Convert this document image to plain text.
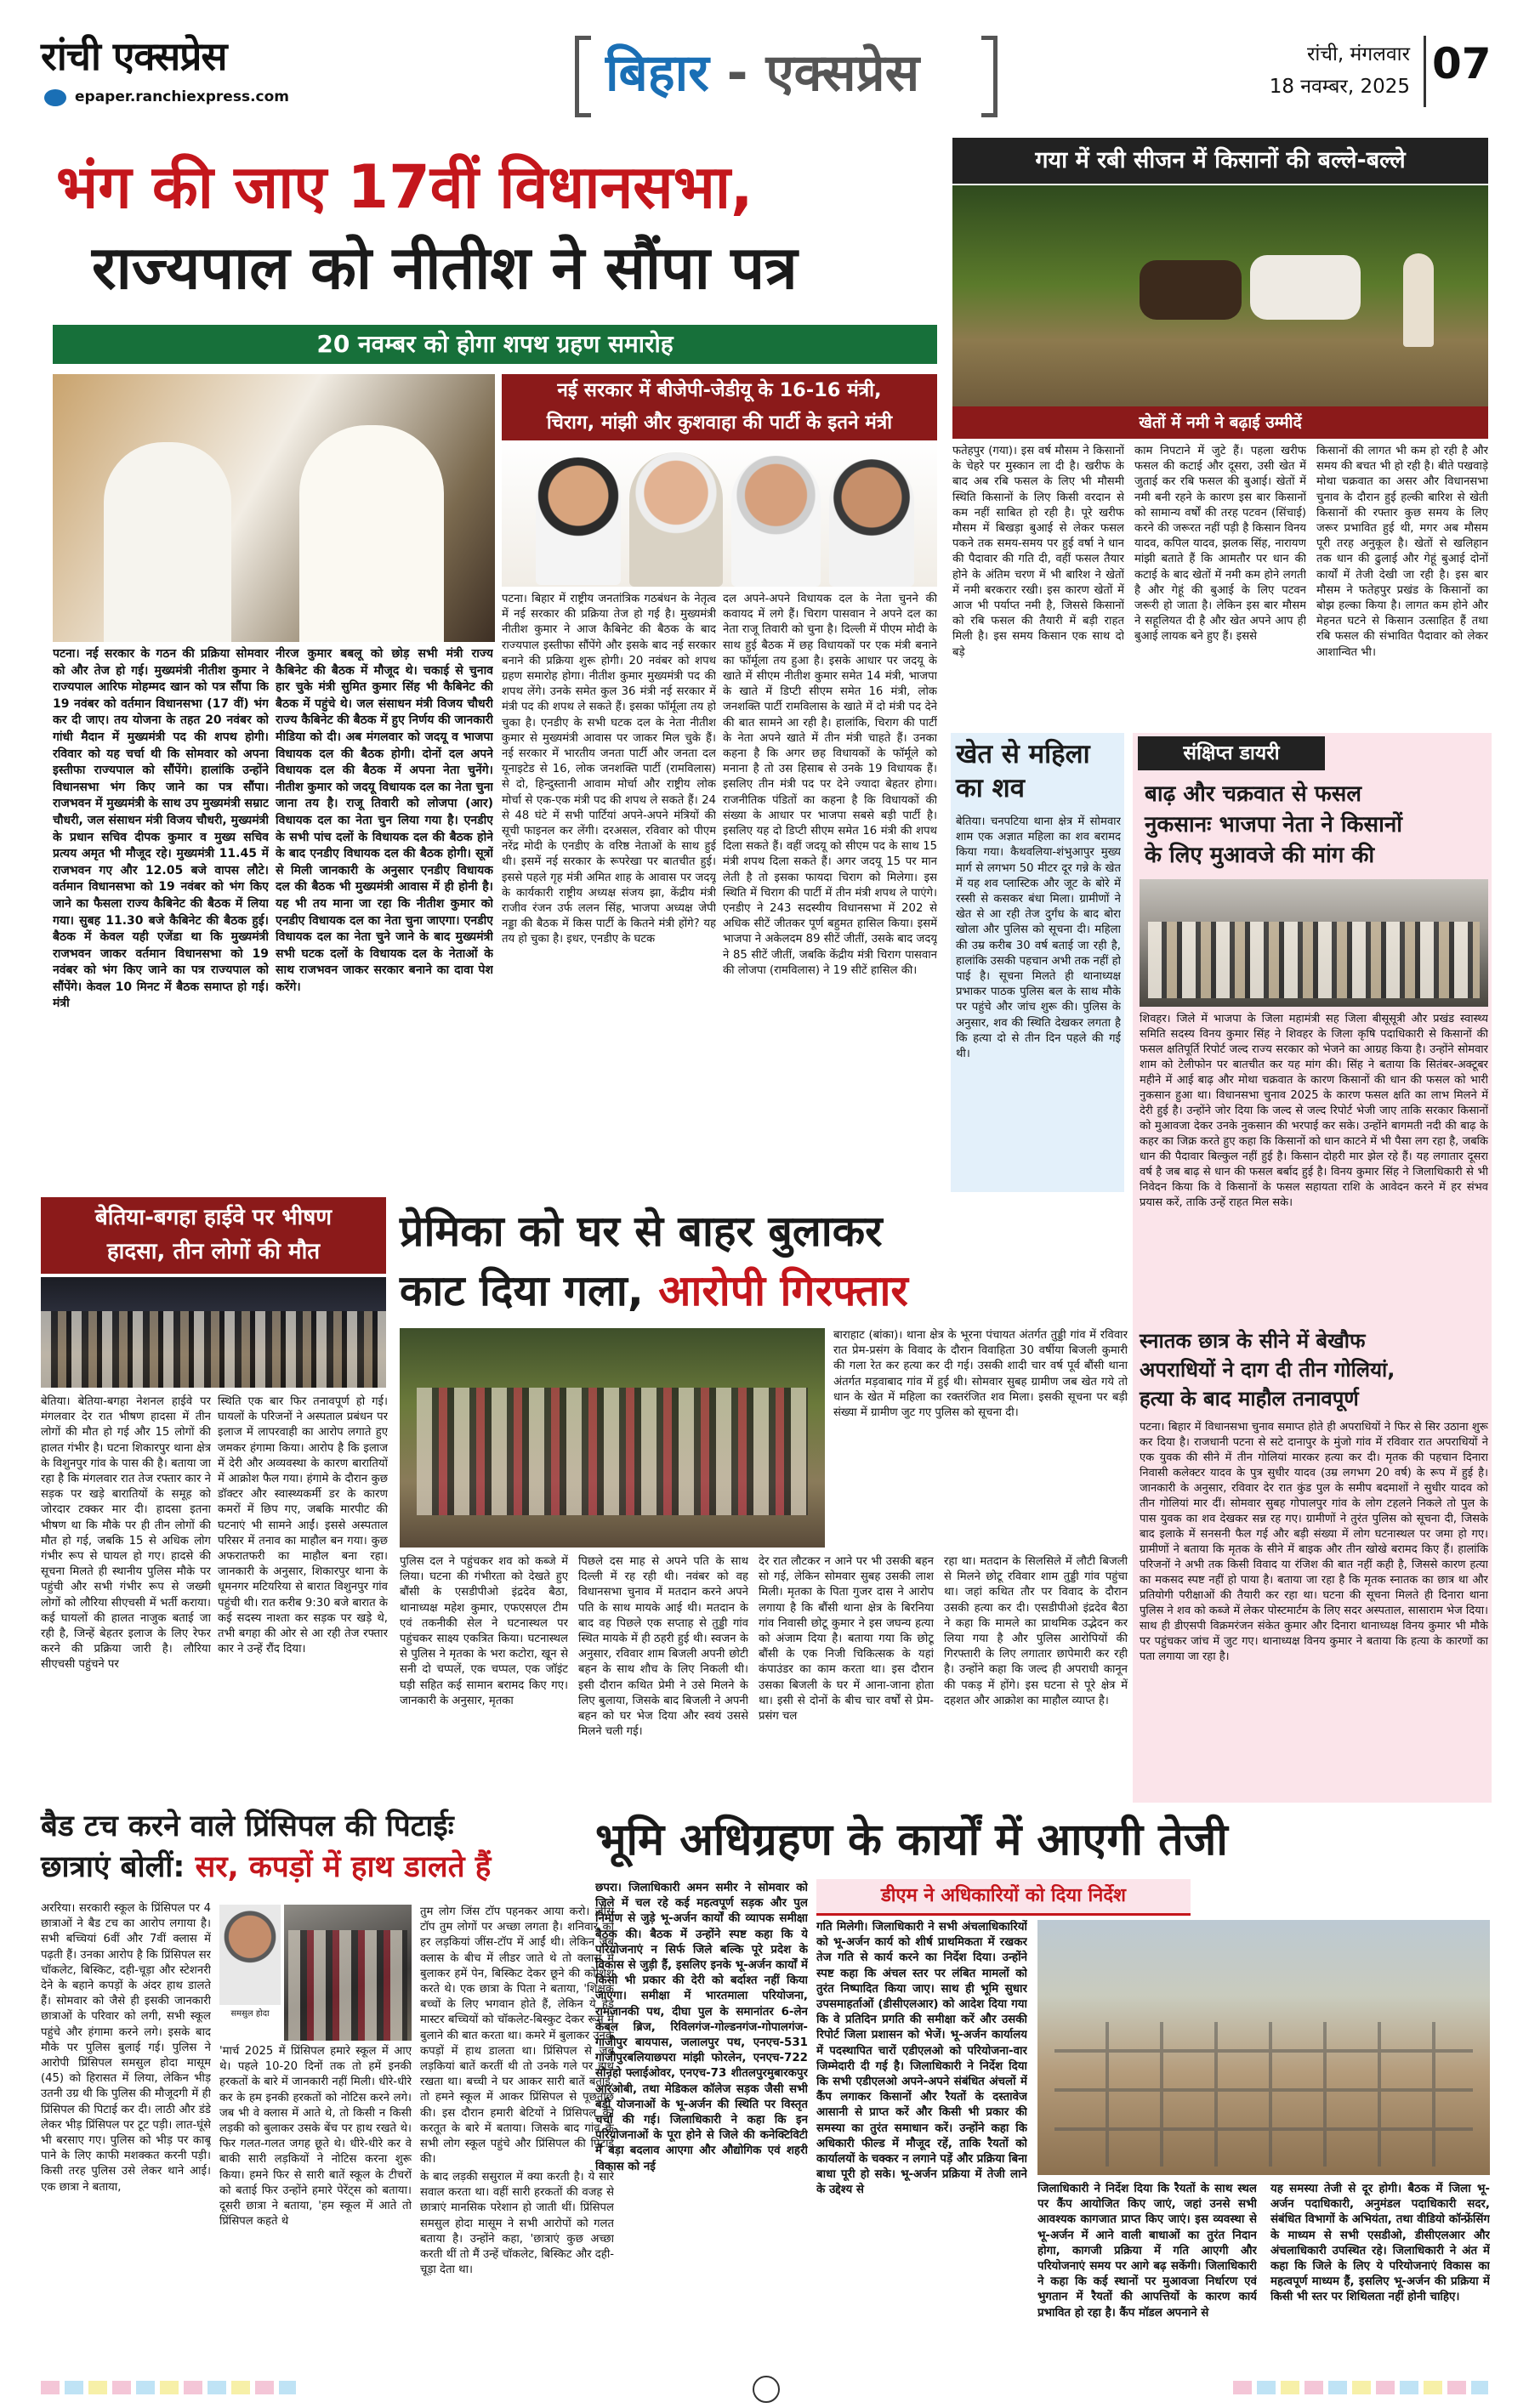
रांची एक्सप्रेस
epaper.ranchiexpress.com	बिहार - एक्सप्रेस	रांची, मंगलवार
18 नवम्बर, 2025 07
भंग की जाए 17वीं विधानसभा,
राज्यपाल को नीतीश ने सौंपा पत्र
20 नवम्बर को होगा शपथ ग्रहण समारोह
नई सरकार में बीजेपी-जेडीयू के 16-16 मंत्री,
चिराग, मांझी और कुशवाहा की पार्टी के इतने मंत्री
पटना। नई सरकार के गठन की प्रक्रिया सोमवार को और तेज हो गई। मुख्यमंत्री नीतीश कुमार ने राज्यपाल आरिफ मोहम्मद खान को पत्र सौंपा कि 19 नवंबर को वर्तमान विधानसभा (17 वीं) भंग कर दी जाए। तय योजना के तहत 20 नवंबर को गांधी मैदान में मुख्यमंत्री पद की शपथ होगी। रविवार को यह चर्चा थी कि सोमवार को अपना इस्तीफा राज्यपाल को सौंपेंगे। हालांकि उन्होंने विधानसभा भंग किए जाने का पत्र सौंपा। राजभवन में मुख्यमंत्री के साथ उप मुख्यमंत्री सम्राट चौधरी, जल संसाधन मंत्री विजय चौधरी, मुख्यमंत्री के प्रधान सचिव दीपक कुमार व मुख्य सचिव प्रत्यय अमृत भी मौजूद रहे। मुख्यमंत्री 11.45 में राजभवन गए और 12.05 बजे वापस लौटे। वर्तमान विधानसभा को 19 नवंबर को भंग किए जाने का फैसला राज्य कैबिनेट की बैठक में लिया गया। सुबह 11.30 बजे कैबिनेट की बैठक हुई। बैठक में केवल यही एजेंडा था कि मुख्यमंत्री राजभवन जाकर वर्तमान विधानसभा को 19 नवंबर को भंग किए जाने का पत्र राज्यपाल को सौंपेंगे। केवल 10 मिनट में बैठक समाप्त हो गई। मंत्री
नीरज कुमार बबलू को छोड़ सभी मंत्री राज्य कैबिनेट की बैठक में मौजूद थे। चकाई से चुनाव हार चुके मंत्री सुमित कुमार सिंह भी कैबिनेट की बैठक में पहुंचे थे। जल संसाधन मंत्री विजय चौधरी राज्य कैबिनेट की बैठक में हुए निर्णय की जानकारी मीडिया को दी। अब मंगलवार को जदयू व भाजपा विधायक दल की बैठक होगी। दोनों दल अपने विधायक दल की बैठक में अपना नेता चुनेंगे। नीतीश कुमार को जदयू विधायक दल का नेता चुना जाना तय है। राजू तिवारी को लोजपा (आर) विधायक दल का नेता चुन लिया गया है। एनडीए के सभी पांच दलों के विधायक दल की बैठक होने के बाद एनडीए विधायक दल की बैठक होगी। सूत्रों से मिली जानकारी के अनुसार एनडीए विधायक दल की बैठक भी मुख्यमंत्री आवास में ही होनी है। यह भी तय माना जा रहा कि नीतीश कुमार को एनडीए विधायक दल का नेता चुना जाएगा। एनडीए विधायक दल का नेता चुने जाने के बाद मुख्यमंत्री सभी घटक दलों के विधायक दल के नेताओं के साथ राजभवन जाकर सरकार बनाने का दावा पेश करेंगे।
पटना। बिहार में राष्ट्रीय जनतांत्रिक गठबंधन के नेतृत्व में नई सरकार की प्रक्रिया तेज हो गई है। मुख्यमंत्री नीतीश कुमार ने आज कैबिनेट की बैठक के बाद राज्यपाल इस्तीफा सौंपेंगे और इसके बाद नई सरकार बनाने की प्रक्रिया शुरू होगी। 20 नवंबर को शपथ ग्रहण समारोह होगा। नीतीश कुमार मुख्यमंत्री पद की शपथ लेंगे। उनके समेत कुल 36 मंत्री नई सरकार में मंत्री पद की शपथ ले सकते हैं। इसका फॉर्मूला तय हो चुका है। एनडीए के सभी घटक दल के नेता नीतीश कुमार से मुख्यमंत्री आवास पर जाकर मिल चुके हैं। नई सरकार में भारतीय जनता पार्टी और जनता दल यूनाइटेड से 16, लोक जनशक्ति पार्टी (रामविलास) से दो, हिन्दुस्तानी आवाम मोर्चा और राष्ट्रीय लोक मोर्चा से एक-एक मंत्री पद की शपथ ले सकते हैं। 24 से 48 घंटे में सभी पार्टियां अपने-अपने मंत्रियों की सूची फाइनल कर लेंगी। दरअसल, रविवार को पीएम नरेंद्र मोदी के एनडीए के वरिष्ठ नेताओं के साथ हुई थी। इसमें नई सरकार के रूपरेखा पर बातचीत हुई। इससे पहले गृह मंत्री अमित शाह के आवास पर जदयू के कार्यकारी राष्ट्रीय अध्यक्ष संजय झा, केंद्रीय मंत्री राजीव रंजन उर्फ ललन सिंह, भाजपा अध्यक्ष जेपी नड्डा की बैठक में किस पार्टी के कितने मंत्री होंगे? यह तय हो चुका है। इधर, एनडीए के घटक
दल अपने-अपने विधायक दल के नेता चुनने की कवायद में लगे हैं। चिराग पासवान ने अपने दल का नेता राजू तिवारी को चुना है। दिल्ली में पीएम मोदी के साथ हुई बैठक में छह विधायकों पर एक मंत्री बनाने का फॉर्मूला तय हुआ है। इसके आधार पर जदयू के खाते में सीएम नीतीश कुमार समेत 14 मंत्री, भाजपा के खाते में डिप्टी सीएम समेत 16 मंत्री, लोक जनशक्ति पार्टी रामविलास के खाते में दो मंत्री पद देने की बात सामने आ रही है। हालांकि, चिराग की पार्टी के नेता अपने खाते में तीन मंत्री चाहते हैं। उनका कहना है कि अगर छह विधायकों के फॉर्मूले को मनाना है तो उस हिसाब से उनके 19 विधायक हैं। इसलिए तीन मंत्री पद पर देने ज्यादा बेहतर होगा। राजनीतिक पंडितों का कहना है कि विधायकों की संख्या के आधार पर भाजपा सबसे बड़ी पार्टी है। इसलिए यह दो डिप्टी सीएम समेत 16 मंत्री की शपथ दिला सकते हैं। वहीं जदयू को सीएम पद के साथ 15 मंत्री शपथ दिला सकते हैं। अगर जदयू 15 पर मान लेती है तो इसका फायदा चिराग को मिलेगा। इस स्थिति में चिराग की पार्टी में तीन मंत्री शपथ ले पाएंगे। एनडीए ने 243 सदस्यीय विधानसभा में 202 से अधिक सीटें जीतकर पूर्ण बहुमत हासिल किया। इसमें भाजपा ने अकेलदम 89 सीटें जीतीं, उसके बाद जदयू ने 85 सीटें जीतीं, जबकि केंद्रीय मंत्री चिराग पासवान की लोजपा (रामविलास) ने 19 सीटें हासिल की।
गया में रबी सीजन में किसानों की बल्ले-बल्ले
खेतों में नमी ने बढ़ाई उम्मीदें
फतेहपुर (गया)। इस वर्ष मौसम ने किसानों के चेहरे पर मुस्कान ला दी है। खरीफ के बाद अब रबि फसल के लिए भी मौसमी स्थिति किसानों के लिए किसी वरदान से कम नहीं साबित हो रही है। पूरे खरीफ मौसम में बिखड़ा बुआई से लेकर फसल पकने तक समय-समय पर हुई वर्षा ने धान की पैदावार की गति दी, वहीं फसल तैयार होने के अंतिम चरण में भी बारिश ने खेतों में नमी बरकरार रखी। इस कारण खेतों में आज भी पर्याप्त नमी है, जिससे किसानों को रबि फसल की तैयारी में बड़ी राहत मिली है। इस समय किसान एक साथ दो बड़े
काम निपटाने में जुटे हैं। पहला खरीफ फसल की कटाई और दूसरा, उसी खेत में जुताई कर रबि फसल की बुआई। खेतों में नमी बनी रहने के कारण इस बार किसानों को सामान्य वर्षों की तरह पटवन (सिंचाई) करने की जरूरत नहीं पड़ी है किसान विनय यादव, कपिल यादव, झलक सिंह, नारायण मांझी बताते हैं कि आमतौर पर धान की कटाई के बाद खेतों में नमी कम होने लगती है और गेहूं की बुआई के लिए पटवन जरूरी हो जाता है। लेकिन इस बार मौसम ने सहूलियत दी है और खेत अपने आप ही बुआई लायक बने हुए हैं। इससे
किसानों की लागत भी कम हो रही है और समय की बचत भी हो रही है। बीते पखवाड़े मोथा चक्रवात का असर और विधानसभा चुनाव के दौरान हुई हल्की बारिश से खेती किसानों की रफ्तार कुछ समय के लिए जरूर प्रभावित हुई थी, मगर अब मौसम पूरी तरह अनुकूल है। खेतों से खलिहान तक धान की ढुलाई और गेहूं बुआई दोनों कार्यों में तेजी देखी जा रही है। इस बार मौसम ने फतेहपुर प्रखंड के किसानों का बोझ हल्का किया है। लागत कम होने और मेहनत घटने से किसान उत्साहित हैं तथा रबि फसल की संभावित पैदावार को लेकर आशान्वित भी।
खेत से महिला
का शव
बेतिया। चनपटिया थाना क्षेत्र में सोमवार शाम एक अज्ञात महिला का शव बरामद किया गया। कैथवलिया-शंभुआपुर मुख्य मार्ग से लगभग 50 मीटर दूर गन्ने के खेत में यह शव प्लास्टिक और जूट के बोरे में रस्सी से कसकर बंधा मिला। ग्रामीणों ने खेत से आ रही तेज दुर्गंध के बाद बोरा खोला और पुलिस को सूचना दी। महिला की उम्र करीब 30 वर्ष बताई जा रही है, हालांकि उसकी पहचान अभी तक नहीं हो पाई है। सूचना मिलते ही थानाध्यक्ष प्रभाकर पाठक पुलिस बल के साथ मौके पर पहुंचे और जांच शुरू की। पुलिस के अनुसार, शव की स्थिति देखकर लगता है कि हत्या दो से तीन दिन पहले की गई थी।
संक्षिप्त डायरी
बाढ़ और चक्रवात से फसल
नुकसानः भाजपा नेता ने किसानों
के लिए मुआवजे की मांग की
शिवहर। जिले में भाजपा के जिला महामंत्री सह जिला बीसूसूत्री और प्रखंड स्वास्थ्य समिति सदस्य विनय कुमार सिंह ने शिवहर के जिला कृषि पदाधिकारी से किसानों की फसल क्षतिपूर्ति रिपोर्ट जल्द राज्य सरकार को भेजने का आग्रह किया है। उन्होंने सोमवार शाम को टेलीफोन पर बातचीत कर यह मांग की। सिंह ने बताया कि सितंबर-अक्टूबर महीने में आई बाढ़ और मोथा चक्रवात के कारण किसानों की धान की फसल को भारी नुकसान हुआ था। विधानसभा चुनाव 2025 के कारण फसल क्षति का लाभ मिलने में देरी हुई है। उन्होंने जोर दिया कि जल्द से जल्द रिपोर्ट भेजी जाए ताकि सरकार किसानों को मुआवजा देकर उनके नुकसान की भरपाई कर सके। उन्होंने बागमती नदी की बाढ़ के कहर का जिक्र करते हुए कहा कि किसानों को धान काटने में भी पैसा लग रहा है, जबकि धान की पैदावार बिल्कुल नहीं हुई है। किसान दोहरी मार झेल रहे हैं। यह लगातार दूसरा वर्ष है जब बाढ़ से धान की फसल बर्बाद हुई है। विनय कुमार सिंह ने जिलाधिकारी से भी निवेदन किया कि वे किसानों के फसल सहायता राशि के आवेदन करने में हर संभव प्रयास करें, ताकि उन्हें राहत मिल सके।
स्नातक छात्र के सीने में बेखौफ
अपराधियों ने दाग दी तीन गोलियां,
हत्या के बाद माहौल तनावपूर्ण
पटना। बिहार में विधानसभा चुनाव समाप्त होते ही अपराधियों ने फिर से सिर उठाना शुरू कर दिया है। राजधानी पटना से सटे दानापुर के मुंजो गांव में रविवार रात अपराधियों ने एक युवक की सीने में तीन गोलियां मारकर हत्या कर दी। मृतक की पहचान दिनारा निवासी कलेक्टर यादव के पुत्र सुधीर यादव (उम्र लगभग 20 वर्ष) के रूप में हुई है। जानकारी के अनुसार, रविवार देर रात कुंड पुल के समीप बदमाशों ने सुधीर यादव को तीन गोलियां मार दीं। सोमवार सुबह गोपालपुर गांव के लोग टहलने निकले तो पुल के पास युवक का शव देखकर सन्न रह गए। ग्रामीणों ने तुरंत पुलिस को सूचना दी, जिसके बाद इलाके में सनसनी फैल गई और बड़ी संख्या में लोग घटनास्थल पर जमा हो गए। ग्रामीणों ने बताया कि मृतक के सीने में बाइक और तीन खोखे बरामद किए हैं। हालांकि परिजनों ने अभी तक किसी विवाद या रंजिश की बात नहीं कही है, जिससे कारण हत्या का मकसद स्पष्ट नहीं हो पाया है। बताया जा रहा है कि मृतक स्नातक का छात्र था और प्रतियोगी परीक्षाओं की तैयारी कर रहा था। घटना की सूचना मिलते ही दिनारा थाना पुलिस ने शव को कब्जे में लेकर पोस्टमार्टम के लिए सदर अस्पताल, सासाराम भेज दिया। साथ ही डीएसपी विक्रमरंजन संकेत कुमार और दिनारा थानाध्यक्ष विनय कुमार भी मौके पर पहुंचकर जांच में जुट गए। थानाध्यक्ष विनय कुमार ने बताया कि हत्या के कारणों का पता लगाया जा रहा है।
बेतिया-बगहा हाईवे पर भीषण
हादसा, तीन लोगों की मौत
बेतिया। बेतिया-बगहा नेशनल हाईवे पर मंगलवार देर रात भीषण हादसा में तीन लोगों की मौत हो गई और 15 लोगों की हालत गंभीर है। घटना शिकारपुर थाना क्षेत्र के विशुनपुर गांव के पास की है। बताया जा रहा है कि मंगलवार रात तेज रफ्तार कार ने सड़क पर खड़े बारातियों के समूह को जोरदार टक्कर मार दी। हादसा इतना भीषण था कि मौके पर ही तीन लोगों की मौत हो गई, जबकि 15 से अधिक लोग गंभीर रूप से घायल हो गए। हादसे की सूचना मिलते ही स्थानीय पुलिस मौके पर पहुंची और सभी गंभीर रूप से जख्मी लोगों को लौरिया सीएचसी में भर्ती कराया। कई घायलों की हालत नाजुक बताई जा रही है, जिन्हें बेहतर इलाज के लिए रेफर करने की प्रक्रिया जारी है। लौरिया सीएचसी पहुंचने पर
स्थिति एक बार फिर तनावपूर्ण हो गई। घायलों के परिजनों ने अस्पताल प्रबंधन पर इलाज में लापरवाही का आरोप लगाते हुए जमकर हंगामा किया। आरोप है कि इलाज में देरी और अव्यवस्था के कारण बारातियों में आक्रोश फैल गया। हंगामे के दौरान कुछ डॉक्टर और स्वास्थ्यकर्मी डर के कारण कमरों में छिप गए, जबकि मारपीट की घटनाएं भी सामने आईं। इससे अस्पताल परिसर में तनाव का माहौल बन गया। कुछ अफरातफरी का माहौल बना रहा। जानकारी के अनुसार, शिकारपुर थाना के धूमनगर मटियरिया से बारात विशुनपुर गांव पहुंची थी। रात करीब 9:30 बजे बारात के कई सदस्य नाश्ता कर सड़क पर खड़े थे, तभी बगहा की ओर से आ रही तेज रफ्तार कार ने उन्हें रौंद दिया।
प्रेमिका को घर से बाहर बुलाकर
काट दिया गला, आरोपी गिरफ्तार
बाराहाट (बांका)। थाना क्षेत्र के भूरना पंचायत अंतर्गत तुड्डी गांव में रविवार रात प्रेम-प्रसंग के विवाद के दौरान विवाहिता 30 वर्षीया बिजली कुमारी की गला रेत कर हत्या कर दी गई। उसकी शादी चार वर्ष पूर्व बौंसी थाना अंतर्गत मड़वाबाद गांव में हुई थी। सोमवार सुबह ग्रामीण जब खेत गये तो धान के खेत में महिला का रक्तरंजित शव मिला। इसकी सूचना पर बड़ी संख्या में ग्रामीण जुट गए पुलिस को सूचना दी।
पुलिस दल ने पहुंचकर शव को कब्जे में लिया। घटना की गंभीरता को देखते हुए बौंसी के एसडीपीओ इंद्रदेव बैठा, थानाध्यक्ष महेश कुमार, एफएसएल टीम एवं तकनीकी सेल ने घटनास्थल पर पहुंचकर साक्ष्य एकत्रित किया। घटनास्थल से पुलिस ने मृतका के भरा कटोरा, खून से सनी दो चप्पलें, एक चप्पल, एक जॉइंट घड़ी सहित कई सामान बरामद किए गए। जानकारी के अनुसार, मृतका
पिछले दस माह से अपने पति के साथ दिल्ली में रह रही थी। नवंबर को वह विधानसभा चुनाव में मतदान करने अपने पति के साथ मायके आई थी। मतदान के बाद वह पिछले एक सप्ताह से तुड्डी गांव स्थित मायके में ही ठहरी हुई थी। स्वजन के अनुसार, रविवार शाम बिजली अपनी छोटी बहन के साथ शौच के लिए निकली थी। इसी दौरान कथित प्रेमी ने उसे मिलने के लिए बुलाया, जिसके बाद बिजली ने अपनी बहन को घर भेज दिया और स्वयं उससे मिलने चली गई।
देर रात लौटकर न आने पर भी उसकी बहन सो गई, लेकिन सोमवार सुबह उसकी लाश मिली। मृतका के पिता गुजर दास ने आरोप लगाया है कि बौंसी थाना क्षेत्र के बिरनिया गांव निवासी छोटू कुमार ने इस जघन्य हत्या को अंजाम दिया है। बताया गया कि छोटू बौंसी के एक निजी चिकित्सक के यहां कंपाउंडर का काम करता था। इस दौरान उसका बिजली के घर में आना-जाना होता था। इसी से दोनों के बीच चार वर्षों से प्रेम-प्रसंग चल
रहा था। मतदान के सिलसिले में लौटी बिजली से मिलने छोटू रविवार शाम तुड्डी गांव पहुंचा था। जहां कथित तौर पर विवाद के दौरान उसकी हत्या कर दी। एसडीपीओ इंद्रदेव बैठा ने कहा कि मामले का प्राथमिक उद्भेदन कर लिया गया है और पुलिस आरोपियों की गिरफ्तारी के लिए लगातार छापेमारी कर रही है। उन्होंने कहा कि जल्द ही अपराधी कानून की पकड़ में होंगे। इस घटना से पूरे क्षेत्र में दहशत और आक्रोश का माहौल व्याप्त है।
बैड टच करने वाले प्रिंसिपल की पिटाईः
छात्राएं बोलीं: सर, कपड़ों में हाथ डालते हैं
अररिया। सरकारी स्कूल के प्रिंसिपल पर 4 छात्राओं ने बैड टच का आरोप लगाया है। सभी बच्चियां 6वीं और 7वीं क्लास में पढ़ती हैं। उनका आरोप है कि प्रिंसिपल सर चॉकलेट, बिस्किट, दही-चूड़ा और स्टेशनरी देने के बहाने कपड़ों के अंदर हाथ डालते हैं। सोमवार को जैसे ही इसकी जानकारी छात्राओं के परिवार को लगी, सभी स्कूल पहुंचे और हंगामा करने लगे। इसके बाद मौके पर पुलिस बुलाई गई। पुलिस ने आरोपी प्रिंसिपल समसुल होदा मासूम (45) को हिरासत में लिया, लेकिन भीड़ उतनी उग्र थी कि पुलिस की मौजूदगी में ही प्रिंसिपल की पिटाई कर दी। लाठी और डंडे लेकर भीड़ प्रिंसिपल पर टूट पड़ी। लात-घूंसे भी बरसाए गए। पुलिस को भीड़ पर काबू पाने के लिए काफी मशक्कत करनी पड़ी। किसी तरह पुलिस उसे लेकर थाने आई। एक छात्रा ने बताया,
समसुल होदा
'मार्च 2025 में प्रिंसिपल हमारे स्कूल में आए थे। पहले 10-20 दिनों तक तो हमें इनकी हरकतों के बारे में जानकारी नहीं मिली। धीरे-धीरे कर के हम इनकी हरकतों को नोटिस करने लगे। जब भी वे क्लास में आते थे, तो किसी न किसी लड़की को बुलाकर उसके बेंच पर हाथ रखते थे। फिर गलत-गलत जगह छूते थे। धीरे-धीरे कर वे बाकी सारी लड़कियों ने नोटिस करना शुरू किया। हमने फिर से सारी बातें स्कूल के टीचरों को बताई फिर उन्होंने हमारे पेरेंट्स को बताया। दूसरी छात्रा ने बताया, 'हम स्कूल में आते तो प्रिंसिपल कहते थे
तुम लोग जिंस टॉप पहनकर आया करो। जींस टॉप तुम लोगों पर अच्छा लगता है। शनिवार को हर लड़कियां जींस-टॉप में आईं थी। लेकिन जब क्लास के बीच में लीडर जाते थे तो क्लास में बुलाकर हमें पेन, बिस्किट देकर छूने की कोशिश करते थे। एक छात्रा के पिता ने बताया, 'शिक्षक बच्चों के लिए भगवान होते हैं, लेकिन ये हेड मास्टर बच्चियों को चॉकलेट-बिस्कुट देकर रूम में बुलाने की बात करता था। कमरे में बुलाकर उनके कपड़ों में हाथ डालता था। प्रिंसिपल से जब लड़कियां बातें करतीं थी तो उनके गले पर हाथ रखता था। बच्ची ने घर आकर सारी बातें बताईं, तो हमने स्कूल में आकर प्रिंसिपल से पूछताछ की। इस दौरान हमारी बेटियों ने प्रिंसिपल की करतूत के बारे में बताया। जिसके बाद गांव के सभी लोग स्कूल पहुंचे और प्रिंसिपल की पिटाई की।
के बाद लड़की ससुराल में क्या करती है। ये सारे सवाल करता था। वहीं सारी हरकतों की वजह से छात्राएं मानसिक परेशान हो जाती थीं। प्रिंसिपल समसुल होदा मासूम ने सभी आरोपों को गलत बताया है। उन्होंने कहा, 'छात्राएं कुछ अच्छा करती थीं तो मैं उन्हें चॉकलेट, बिस्किट और दही-चूड़ा देता था।
भूमि अधिग्रहण के कार्यों में आएगी तेजी
छपरा। जिलाधिकारी अमन समीर ने सोमवार को जिले में चल रहे कई महत्वपूर्ण सड़क और पुल निर्माण से जुड़े भू-अर्जन कार्यों की व्यापक समीक्षा बैठक की। बैठक में उन्होंने स्पष्ट कहा कि ये परियोजनाएं न सिर्फ जिले बल्कि पूरे प्रदेश के विकास से जुड़ी हैं, इसलिए इनके भू-अर्जन कार्यों में किसी भी प्रकार की देरी को बर्दाश्त नहीं किया जाएगा। समीक्षा में भारतमाला परियोजना, रामजानकी पथ, दीघा पुल के समानांतर 6-लेन केबल ब्रिज, रिविलगंज-गोल्डनगंज-गोपालगंज-गाजीपुर बायपास, जलालपुर पथ, एनएच-531 गाजीपुरबलियाछपरा मांझी फोरलेन, एनएच-722 सोनहो फ्लाईओवर, एनएच-73 शीतलपुरमुबारकपुर आरओबी, तथा मेडिकल कॉलेज सड़क जैसी सभी बड़ी योजनाओं के भू-अर्जन की स्थिति पर विस्तृत चर्चा की गई। जिलाधिकारी ने कहा कि इन परियोजनाओं के पूरा होने से जिले की कनेक्टिविटी में बड़ा बदलाव आएगा और औद्योगिक एवं शहरी विकास को नई
डीएम ने अधिकारियों को दिया निर्देश
गति मिलेगी। जिलाधिकारी ने सभी अंचलाधिकारियों को भू-अर्जन कार्य को शीर्ष प्राथमिकता में रखकर तेज गति से कार्य करने का निर्देश दिया। उन्होंने स्पष्ट कहा कि अंचल स्तर पर लंबित मामलों को तुरंत निष्पादित किया जाए। साथ ही भूमि सुधार उपसमाहर्ताओं (डीसीएलआर) को आदेश दिया गया कि वे प्रतिदिन प्रगति की समीक्षा करें और उसकी रिपोर्ट जिला प्रशासन को भेजें। भू-अर्जन कार्यालय में पदस्थापित चारों एडीएलओ को परियोजना-वार जिम्मेदारी दी गई है। जिलाधिकारी ने निर्देश दिया कि सभी एडीएलओ अपने-अपने संबंधित अंचलों में कैंप लगाकर किसानों और रैयतों के दस्तावेज आसानी से प्राप्त करें और किसी भी प्रकार की समस्या का तुरंत समाधान करें। उन्होंने कहा कि अधिकारी फील्ड में मौजूद रहें, ताकि रैयतों को कार्यालयों के चक्कर न लगाने पड़ें और प्रक्रिया बिना बाधा पूरी हो सके। भू-अर्जन प्रक्रिया में तेजी लाने के उद्देश्य से	जिलाधिकारी ने निर्देश दिया कि रैयतों के साथ स्थल पर कैंप आयोजित किए जाएं, जहां उनसे सभी आवश्यक कागजात प्राप्त किए जाएं। इस व्यवस्था से भू-अर्जन में आने वाली बाधाओं का तुरंत निदान होगा, कागजी प्रक्रिया में गति आएगी और परियोजनाएं समय पर आगे बढ़ सकेंगी। जिलाधिकारी ने कहा कि कई स्थानों पर मुआवजा निर्धारण एवं भुगतान में रैयतों की आपत्तियों के कारण कार्य प्रभावित हो रहा है। कैंप मॉडल अपनाने से
यह समस्या तेजी से दूर होगी। बैठक में जिला भू-अर्जन पदाधिकारी, अनुमंडल पदाधिकारी सदर, संबंधित विभागों के अभियंता, तथा वीडियो कॉन्फ्रेंसिंग के माध्यम से सभी एसडीओ, डीसीएलआर और अंचलाधिकारी उपस्थित रहे। जिलाधिकारी ने अंत में कहा कि जिले के लिए ये परियोजनाएं विकास का महत्वपूर्ण माध्यम हैं, इसलिए भू-अर्जन की प्रक्रिया में किसी भी स्तर पर शिथिलता नहीं होनी चाहिए।
